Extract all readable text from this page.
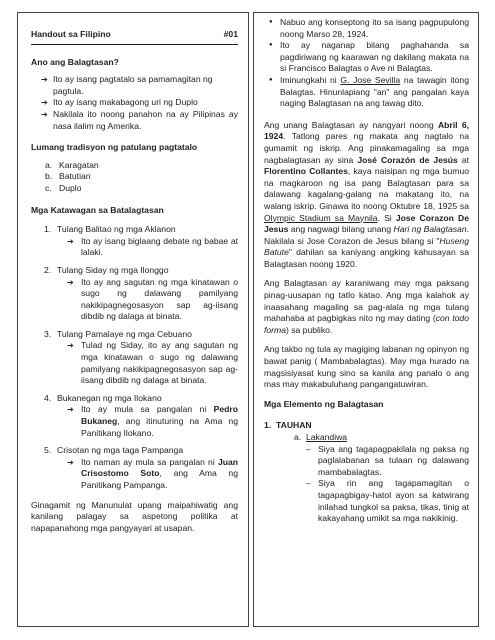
Handout sa Filipino	#01
Ano ang Balagtasan?
➔ Ito ay isang pagtatalo sa pamamagitan ng pagtula.
➔ Ito ay isang makabagong uri ng Duplo
➔ Nakilala ito noong panahon na ay Pilipinas ay nasa ilalim ng Amerika.
Lumang tradisyon ng patulang pagtatalo
a. Karagatan
b. Batutian
c. Duplo
Mga Katawagan sa Batalagtasan
1. Tulang Balitao ng mga Aklanon
➔ Ito ay isang biglaang debate ng babae at lalaki.
2. Tulang Siday ng mga Ilonggo
➔ Ito ay ang sagutan ng mga kinatawan o sugo ng dalawang pamilyang nakikipagnegosasyon sap ag-iisang dibdib ng dalaga at binata.
3. Tulang Pamalaye ng mga Cebuano
➔ Tulad ng Siday, ito ay ang sagutan ng mga kinatawan o sugo ng dalawang pamilyang nakikipagnegosasyon sap ag-iisang dibdib ng dalaga at binata.
4. Bukanegan ng mga Ilokano
➔ Ito ay mula sa pangalan ni Pedro Bukaneg, ang itinuturing na Ama ng Panitikang Ilokano.
5. Crisotan ng mga taga Pampanga
➔ Ito naman ay mula sa pangalan ni Juan Crisostomo Soto, ang Ama ng Panitikang Pampanga.

Ginagamit ng Manunulat upang maipahiwatig ang kanilang palagay sa aspetong politika at napapanahong mga pangyayari at usapan.

● Nabuo ang konseptong ito sa isang pagpupulong noong Marso 28, 1924.
● Ito ay naganap bilang paghahanda sa pagdiriwang ng kaarawan ng dakilang makata na si Francisco Balagtas o Ave ni Balagtas.
● Iminungkahi ni G. Jose Sevilla na tawagin itong Balagtas. Hinunlapiang "an" ang pangalan kaya naging Balagtasan na ang tawag dito.

Ang unang Balagtasan ay nangyari noong Abril 6, 1924. Tatlong pares ng makata ang nagtalo na gumamit ng iskrip. Ang pinakamagaling sa mga nagbalagtasan ay sina José Corazón de Jesús at Florentino Collantes, kaya naisipan ng mga bumuo na magkaroon ng isa pang Balagtasan para sa dalawang kagalang-galang na makatang ito, na walang iskrip. Ginawa ito noong Oktubre 18, 1925 sa Olympic Stadium sa Maynila. Si Jose Corazon De Jesus ang nagwagi bilang unang Hari ng Balagtasan. Nakilala si Jose Corazon de Jesus bilang si "Huseng Batute" dahilan sa kaniyang angking kahusayan sa Balagtasan noong 1920.

Ang Balagtasan ay karaniwang may mga paksang pinag-uusapan ng tatlo katao. Ang mga kalahok ay inaasahang magaling sa pag-alala ng mga tulang mahahaba at pagbigkas nito ng may dating (con todo forma) sa publiko.

Ang takbo ng tula ay magiging labanan ng opinyon ng bawat panig ( Mambabalagtas). May mga hurado na magsisiyasat kung sino sa kanila ang panalo o ang mas may makabuluhang pangangatuwiran.

Mga Elemento ng Balagtasan
1. TAUHAN
a. Lakandiwa
– Siya ang tagapagpakilala ng paksa ng paglalabanan sa tulaan ng dalawang mambabalagtas.
– Siya rin ang tagapamagitan o tagapagbigay-hatol ayon sa katwirang inilahad tungkol sa paksa, tikas, tinig at kakayahang umikit sa mga nakikinig.
